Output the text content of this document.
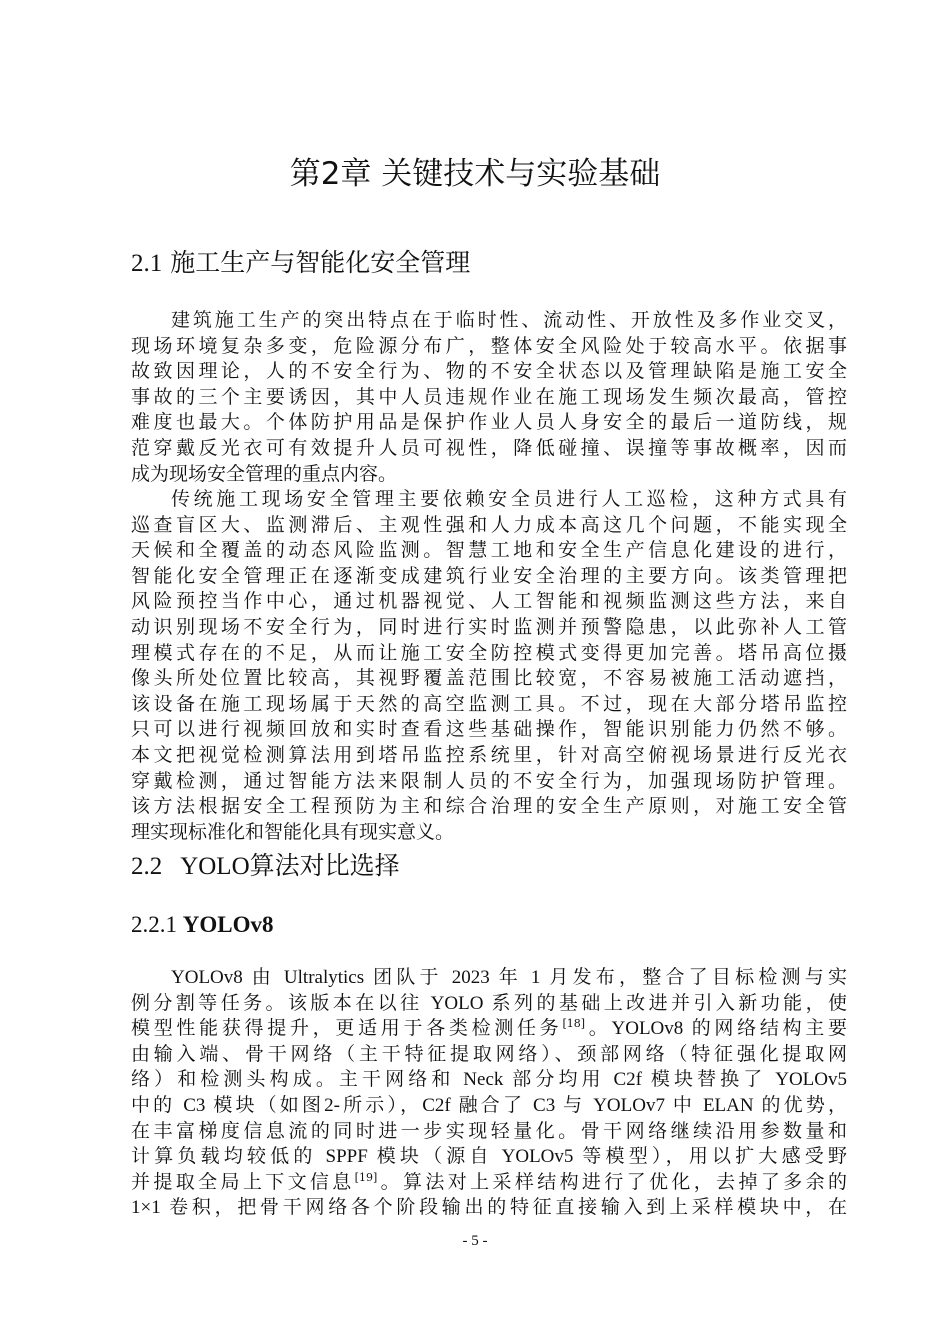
第2章 关键技术与实验基础
2.1 施工生产与智能化安全管理
建筑施工生产的突出特点在于临时性、流动性、开放性及多作业交叉，
现场环境复杂多变，危险源分布广，整体安全风险处于较高水平。依据事
故致因理论，人的不安全行为、物的不安全状态以及管理缺陷是施工安全
事故的三个主要诱因，其中人员违规作业在施工现场发生频次最高，管控
难度也最大。个体防护用品是保护作业人员人身安全的最后一道防线，规
范穿戴反光衣可有效提升人员可视性，降低碰撞、误撞等事故概率，因而
成为现场安全管理的重点内容。
传统施工现场安全管理主要依赖安全员进行人工巡检，这种方式具有
巡查盲区大、监测滞后、主观性强和人力成本高这几个问题，不能实现全
天候和全覆盖的动态风险监测。智慧工地和安全生产信息化建设的进行，
智能化安全管理正在逐渐变成建筑行业安全治理的主要方向。该类管理把
风险预控当作中心，通过机器视觉、人工智能和视频监测这些方法，来自
动识别现场不安全行为，同时进行实时监测并预警隐患，以此弥补人工管
理模式存在的不足，从而让施工安全防控模式变得更加完善。塔吊高位摄
像头所处位置比较高，其视野覆盖范围比较宽，不容易被施工活动遮挡，
该设备在施工现场属于天然的高空监测工具。不过，现在大部分塔吊监控
只可以进行视频回放和实时查看这些基础操作，智能识别能力仍然不够。
本文把视觉检测算法用到塔吊监控系统里，针对高空俯视场景进行反光衣
穿戴检测，通过智能方法来限制人员的不安全行为，加强现场防护管理。
该方法根据安全工程预防为主和综合治理的安全生产原则，对施工安全管
理实现标准化和智能化具有现实意义。
2.2 YOLO算法对比选择
2.2.1 YOLOv8
YOLOv8 由 Ultralytics 团队于 2023 年 1 月发布，整合了目标检测与实
例分割等任务。该版本在以往 YOLO 系列的基础上改进并引入新功能，使
模型性能获得提升，更适用于各类检测任务[18]。YOLOv8 的网络结构主要
由输入端、骨干网络（主干特征提取网络）、颈部网络（特征强化提取网
络）和检测头构成。主干网络和 Neck 部分均用 C2f 模块替换了 YOLOv5
中的 C3 模块（如图2-所示），C2f 融合了 C3 与 YOLOv7 中 ELAN 的优势，
在丰富梯度信息流的同时进一步实现轻量化。骨干网络继续沿用参数量和
计算负载均较低的 SPPF 模块（源自 YOLOv5 等模型），用以扩大感受野
并提取全局上下文信息[19]。算法对上采样结构进行了优化，去掉了多余的
1×1 卷积，把骨干网络各个阶段输出的特征直接输入到上采样模块中，在
- 5 -
